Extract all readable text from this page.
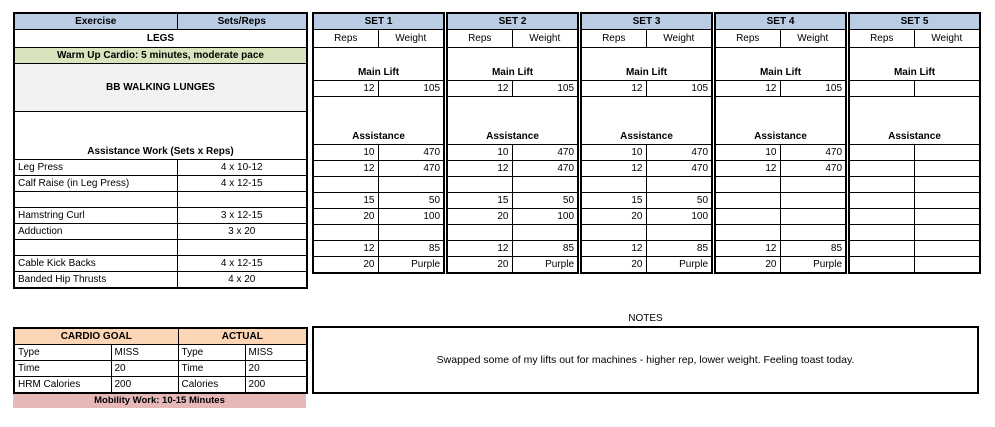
Exercise	Sets/Reps
LEGS	
Warm Up Cardio: 5 minutes, moderate pace	
BB WALKING LUNGES	
Assistance Work (Sets x Reps)	
Leg Press	4 x 10-12
Calf Raise (in Leg Press)	4 x 12-15

Hamstring Curl	3 x 12-15
Adduction	3 x 20

Cable Kick Backs	4 x 12-15
Banded Hip Thrusts	4 x 20
SET 1	
Reps	Weight
Main Lift	
12	105
Assistance	
10	470
12	470

15	50
20	100

12	85
20	Purple
SET 2	
Reps	Weight
Main Lift	
12	105
Assistance	
10	470
12	470

15	50
20	100

12	85
20	Purple
SET 3	
Reps	Weight
Main Lift	
12	105
Assistance	
10	470
12	470

15	50
20	100

12	85
20	Purple
SET 4	
Reps	Weight
Main Lift	
12	105
Assistance	
10	470
12	470

12	85
20	Purple
SET 5	
Reps	Weight
Main Lift	

Assistance	

CARDIO GOAL		ACTUAL	
Type	MISS	Type	MISS
Time	20	Time	20
HRM Calories	200	Calories	200
Mobility Work: 10-15 Minutes
NOTES
Swapped some of my lifts out for machines - higher rep, lower weight. Feeling toast today.
